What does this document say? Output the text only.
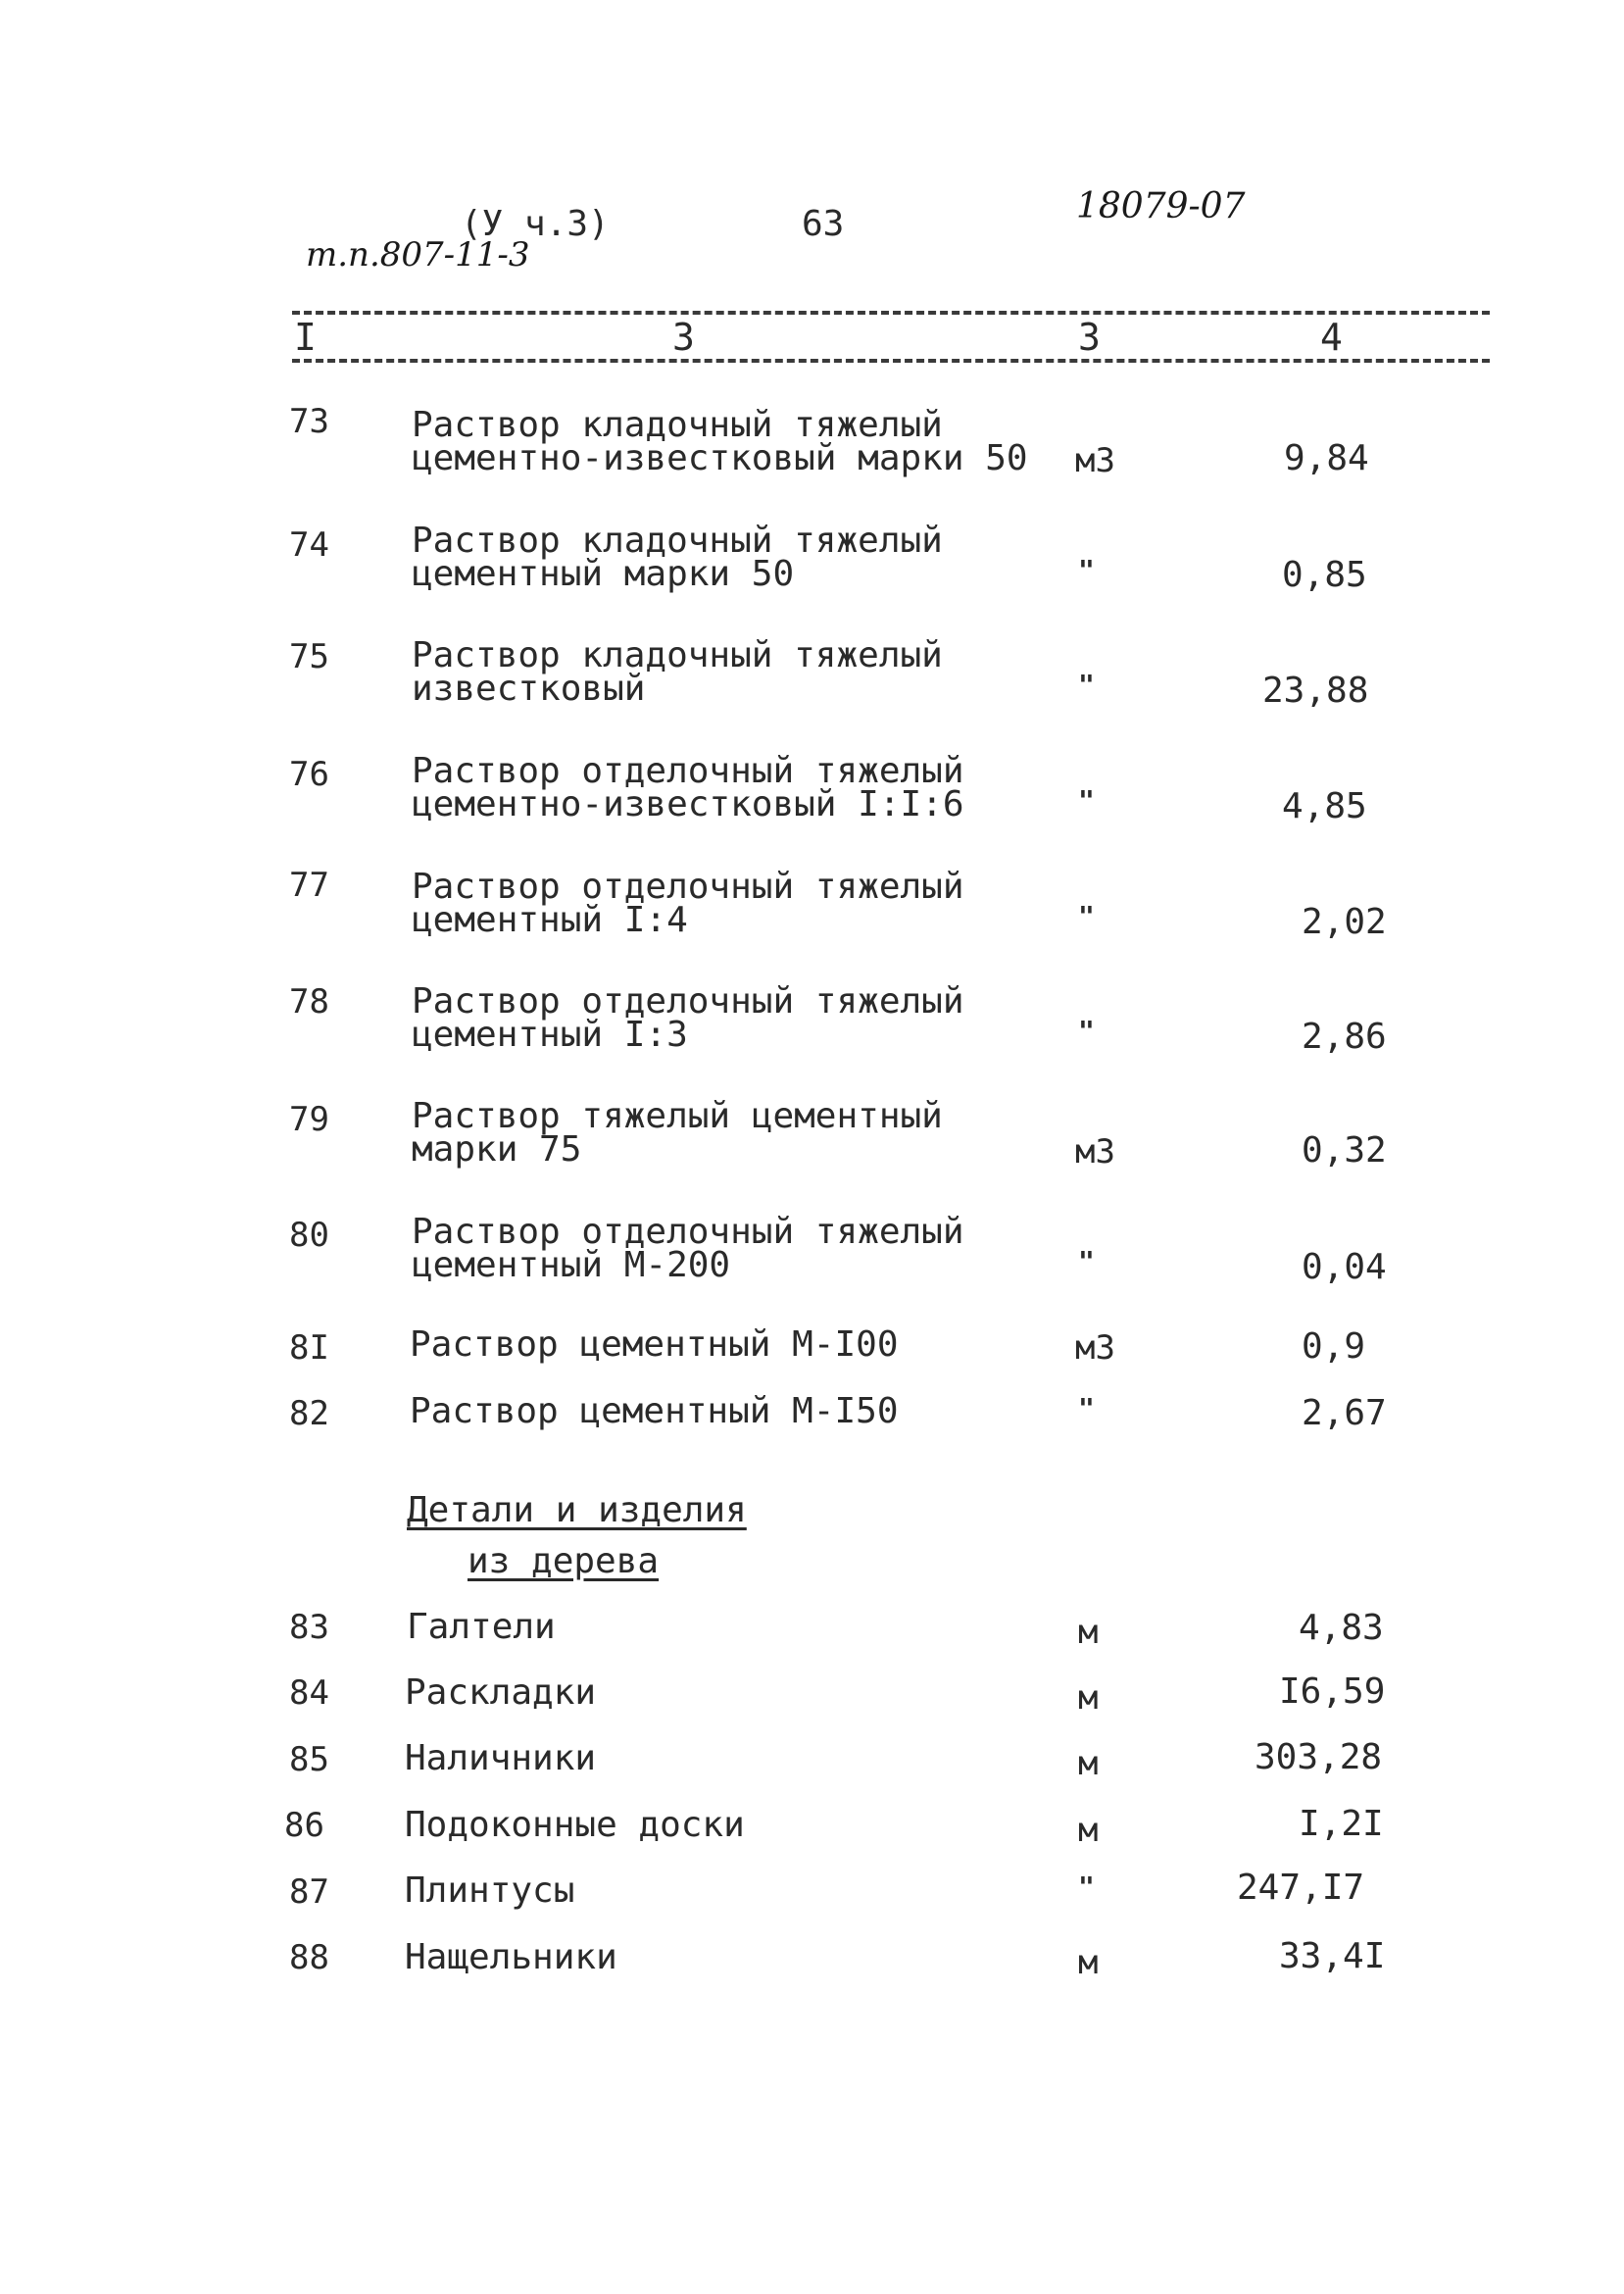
т.п.807-11-3
(У ч.3)	63	18079-07
I	3	3	4
73 Раствор кладочный тяжелый
цементно-известковый марки 50 м3	9,84
74 Раствор кладочный тяжелый
цементный марки 50	"	0,85
75 Раствор кладочный тяжелый
известковый	"	23,88
76 Раствор отделочный тяжелый
цементно-известковый I:I:6	"	4,85
77 Раствор отделочный тяжелый
цементный I:4	"	2,02
78 Раствор отделочный тяжелый
цементный I:3	"	2,86
79 Раствор тяжелый цементный
марки 75	м3	0,32
80 Раствор отделочный тяжелый
цементный М-200	"	0,04
8I Раствор цементный М-I00	м3	0,9
82 Раствор цементный М-I50	"	2,67
Детали и изделия
из дерева
83 Галтели	м	4,83
84 Раскладки	м	I6,59
85 Наличники	м	303,28
86 Подоконные доски	м	I,2I
87 Плинтусы	"	247,I7
88 Нащельники	м	33,4I
